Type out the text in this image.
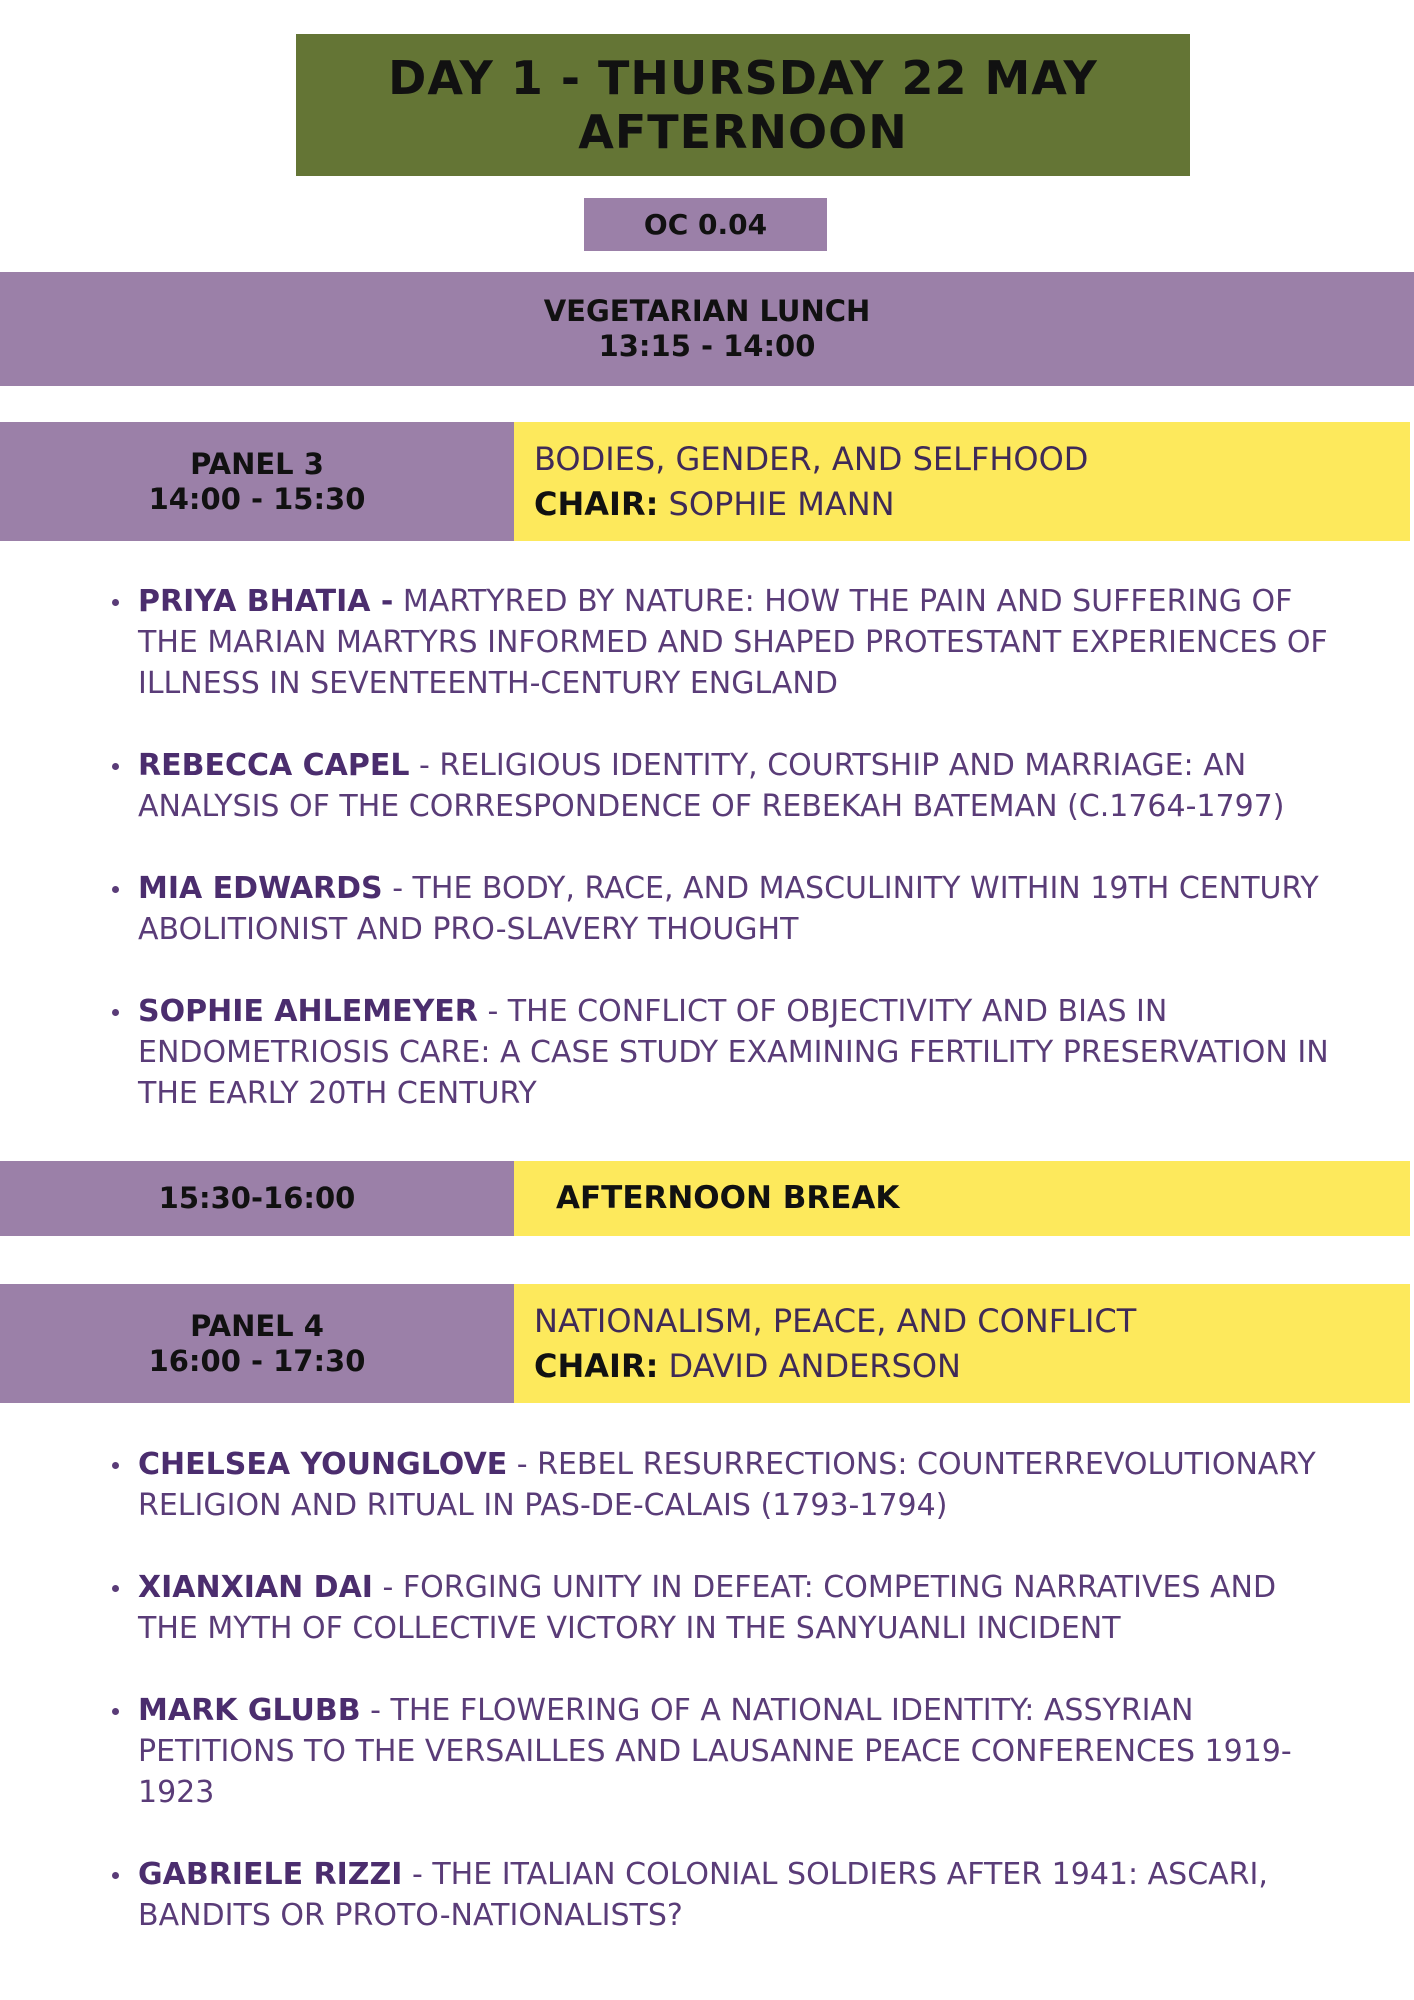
DAY 1 - THURSDAY 22 MAY
AFTERNOON
OC 0.04
VEGETARIAN LUNCH
13:15 - 14:00
PANEL 3
14:00 - 15:30
BODIES, GENDER, AND SELFHOOD
CHAIR: SOPHIE MANN
PRIYA BHATIA - MARTYRED BY NATURE: HOW THE PAIN AND SUFFERING OF THE MARIAN MARTYRS INFORMED AND SHAPED PROTESTANT EXPERIENCES OF ILLNESS IN SEVENTEENTH-CENTURY ENGLAND
REBECCA CAPEL - RELIGIOUS IDENTITY, COURTSHIP AND MARRIAGE: AN ANALYSIS OF THE CORRESPONDENCE OF REBEKAH BATEMAN (C.1764-1797)
MIA EDWARDS - THE BODY, RACE, AND MASCULINITY WITHIN 19TH CENTURY ABOLITIONIST AND PRO-SLAVERY THOUGHT
SOPHIE AHLEMEYER - THE CONFLICT OF OBJECTIVITY AND BIAS IN ENDOMETRIOSIS CARE: A CASE STUDY EXAMINING FERTILITY PRESERVATION IN THE EARLY 20TH CENTURY
15:30-16:00	AFTERNOON BREAK
PANEL 4
16:00 - 17:30
NATIONALISM, PEACE, AND CONFLICT
CHAIR: DAVID ANDERSON
CHELSEA YOUNGLOVE - REBEL RESURRECTIONS: COUNTERREVOLUTIONARY RELIGION AND RITUAL IN PAS-DE-CALAIS (1793-1794)
XIANXIAN DAI - FORGING UNITY IN DEFEAT: COMPETING NARRATIVES AND THE MYTH OF COLLECTIVE VICTORY IN THE SANYUANLI INCIDENT
MARK GLUBB - THE FLOWERING OF A NATIONAL IDENTITY: ASSYRIAN PETITIONS TO THE VERSAILLES AND LAUSANNE PEACE CONFERENCES 1919-1923
GABRIELE RIZZI - THE ITALIAN COLONIAL SOLDIERS AFTER 1941: ASCARI, BANDITS OR PROTO-NATIONALISTS?
